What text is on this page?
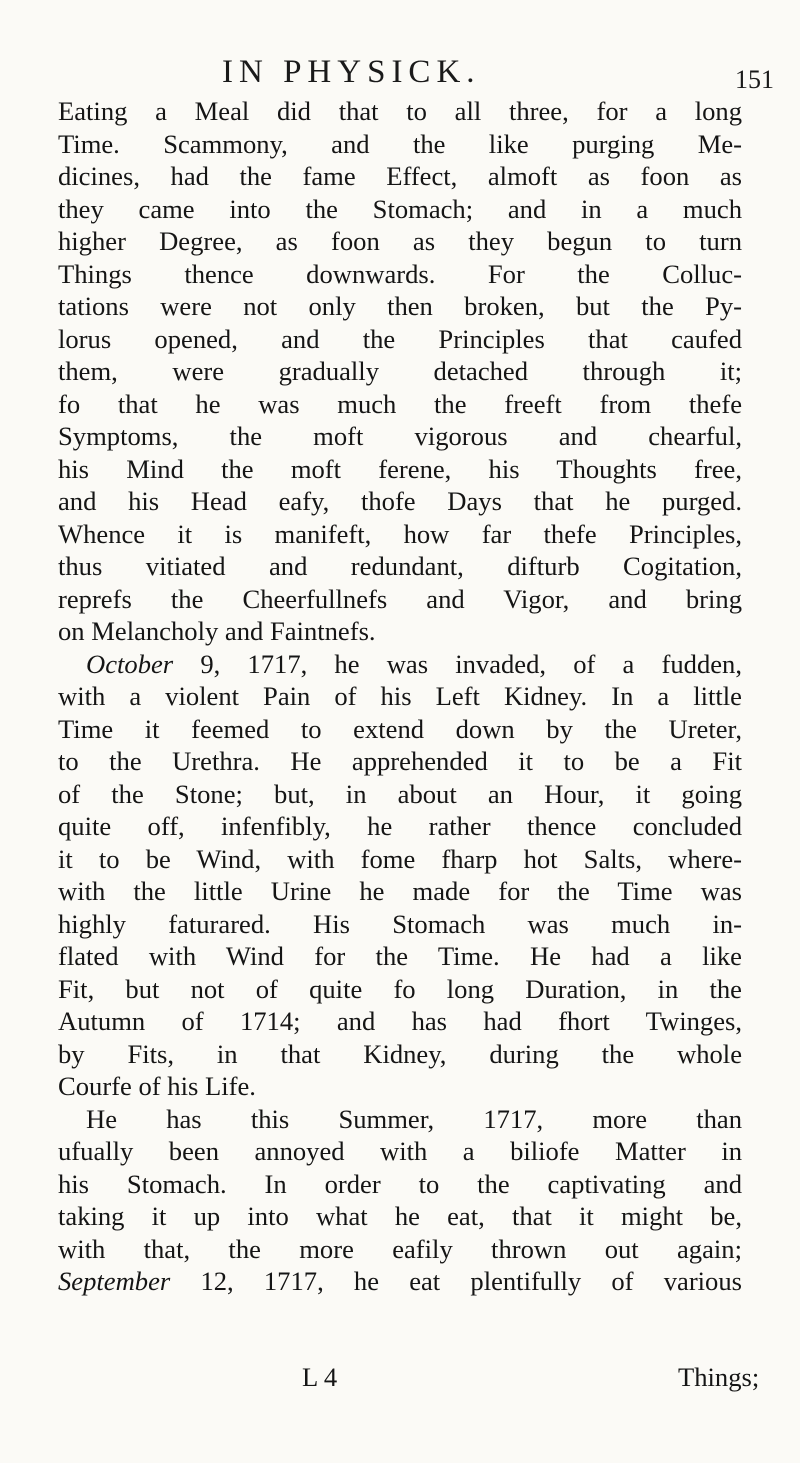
IN PHYSICK.	151

Eating a Meal did that to all three, for a long
Time. Scammony, and the like purging Me-
dicines, had the fame Effect, almoft as foon as
they came into the Stomach; and in a much
higher Degree, as foon as they begun to turn
Things thence downwards. For the Colluc-
tations were not only then broken, but the Py-
lorus opened, and the Principles that caufed
them, were gradually detached through it;
fo that he was much the freeft from thefe
Symptoms, the moft vigorous and chearful,
his Mind the moft ferene, his Thoughts free,
and his Head eafy, thofe Days that he purged.
Whence it is manifeft, how far thefe Principles,
thus vitiated and redundant, difturb Cogitation,
reprefs the Cheerfullnefs and Vigor, and bring
on Melancholy and Faintnefs.

October 9, 1717, he was invaded, of a fudden,
with a violent Pain of his Left Kidney. In a little
Time it feemed to extend down by the Ureter,
to the Urethra. He apprehended it to be a Fit
of the Stone; but, in about an Hour, it going
quite off, infenfibly, he rather thence concluded
it to be Wind, with fome fharp hot Salts, where-
with the little Urine he made for the Time was
highly faturared. His Stomach was much in-
flated with Wind for the Time. He had a like
Fit, but not of quite fo long Duration, in the
Autumn of 1714; and has had fhort Twinges,
by Fits, in that Kidney, during the whole
Courfe of his Life.

He has this Summer, 1717, more than
ufually been annoyed with a biliofe Matter in
his Stomach. In order to the captivating and
taking it up into what he eat, that it might be,
with that, the more eafily thrown out again;
September 12, 1717, he eat plentifully of various

L 4	Things;
